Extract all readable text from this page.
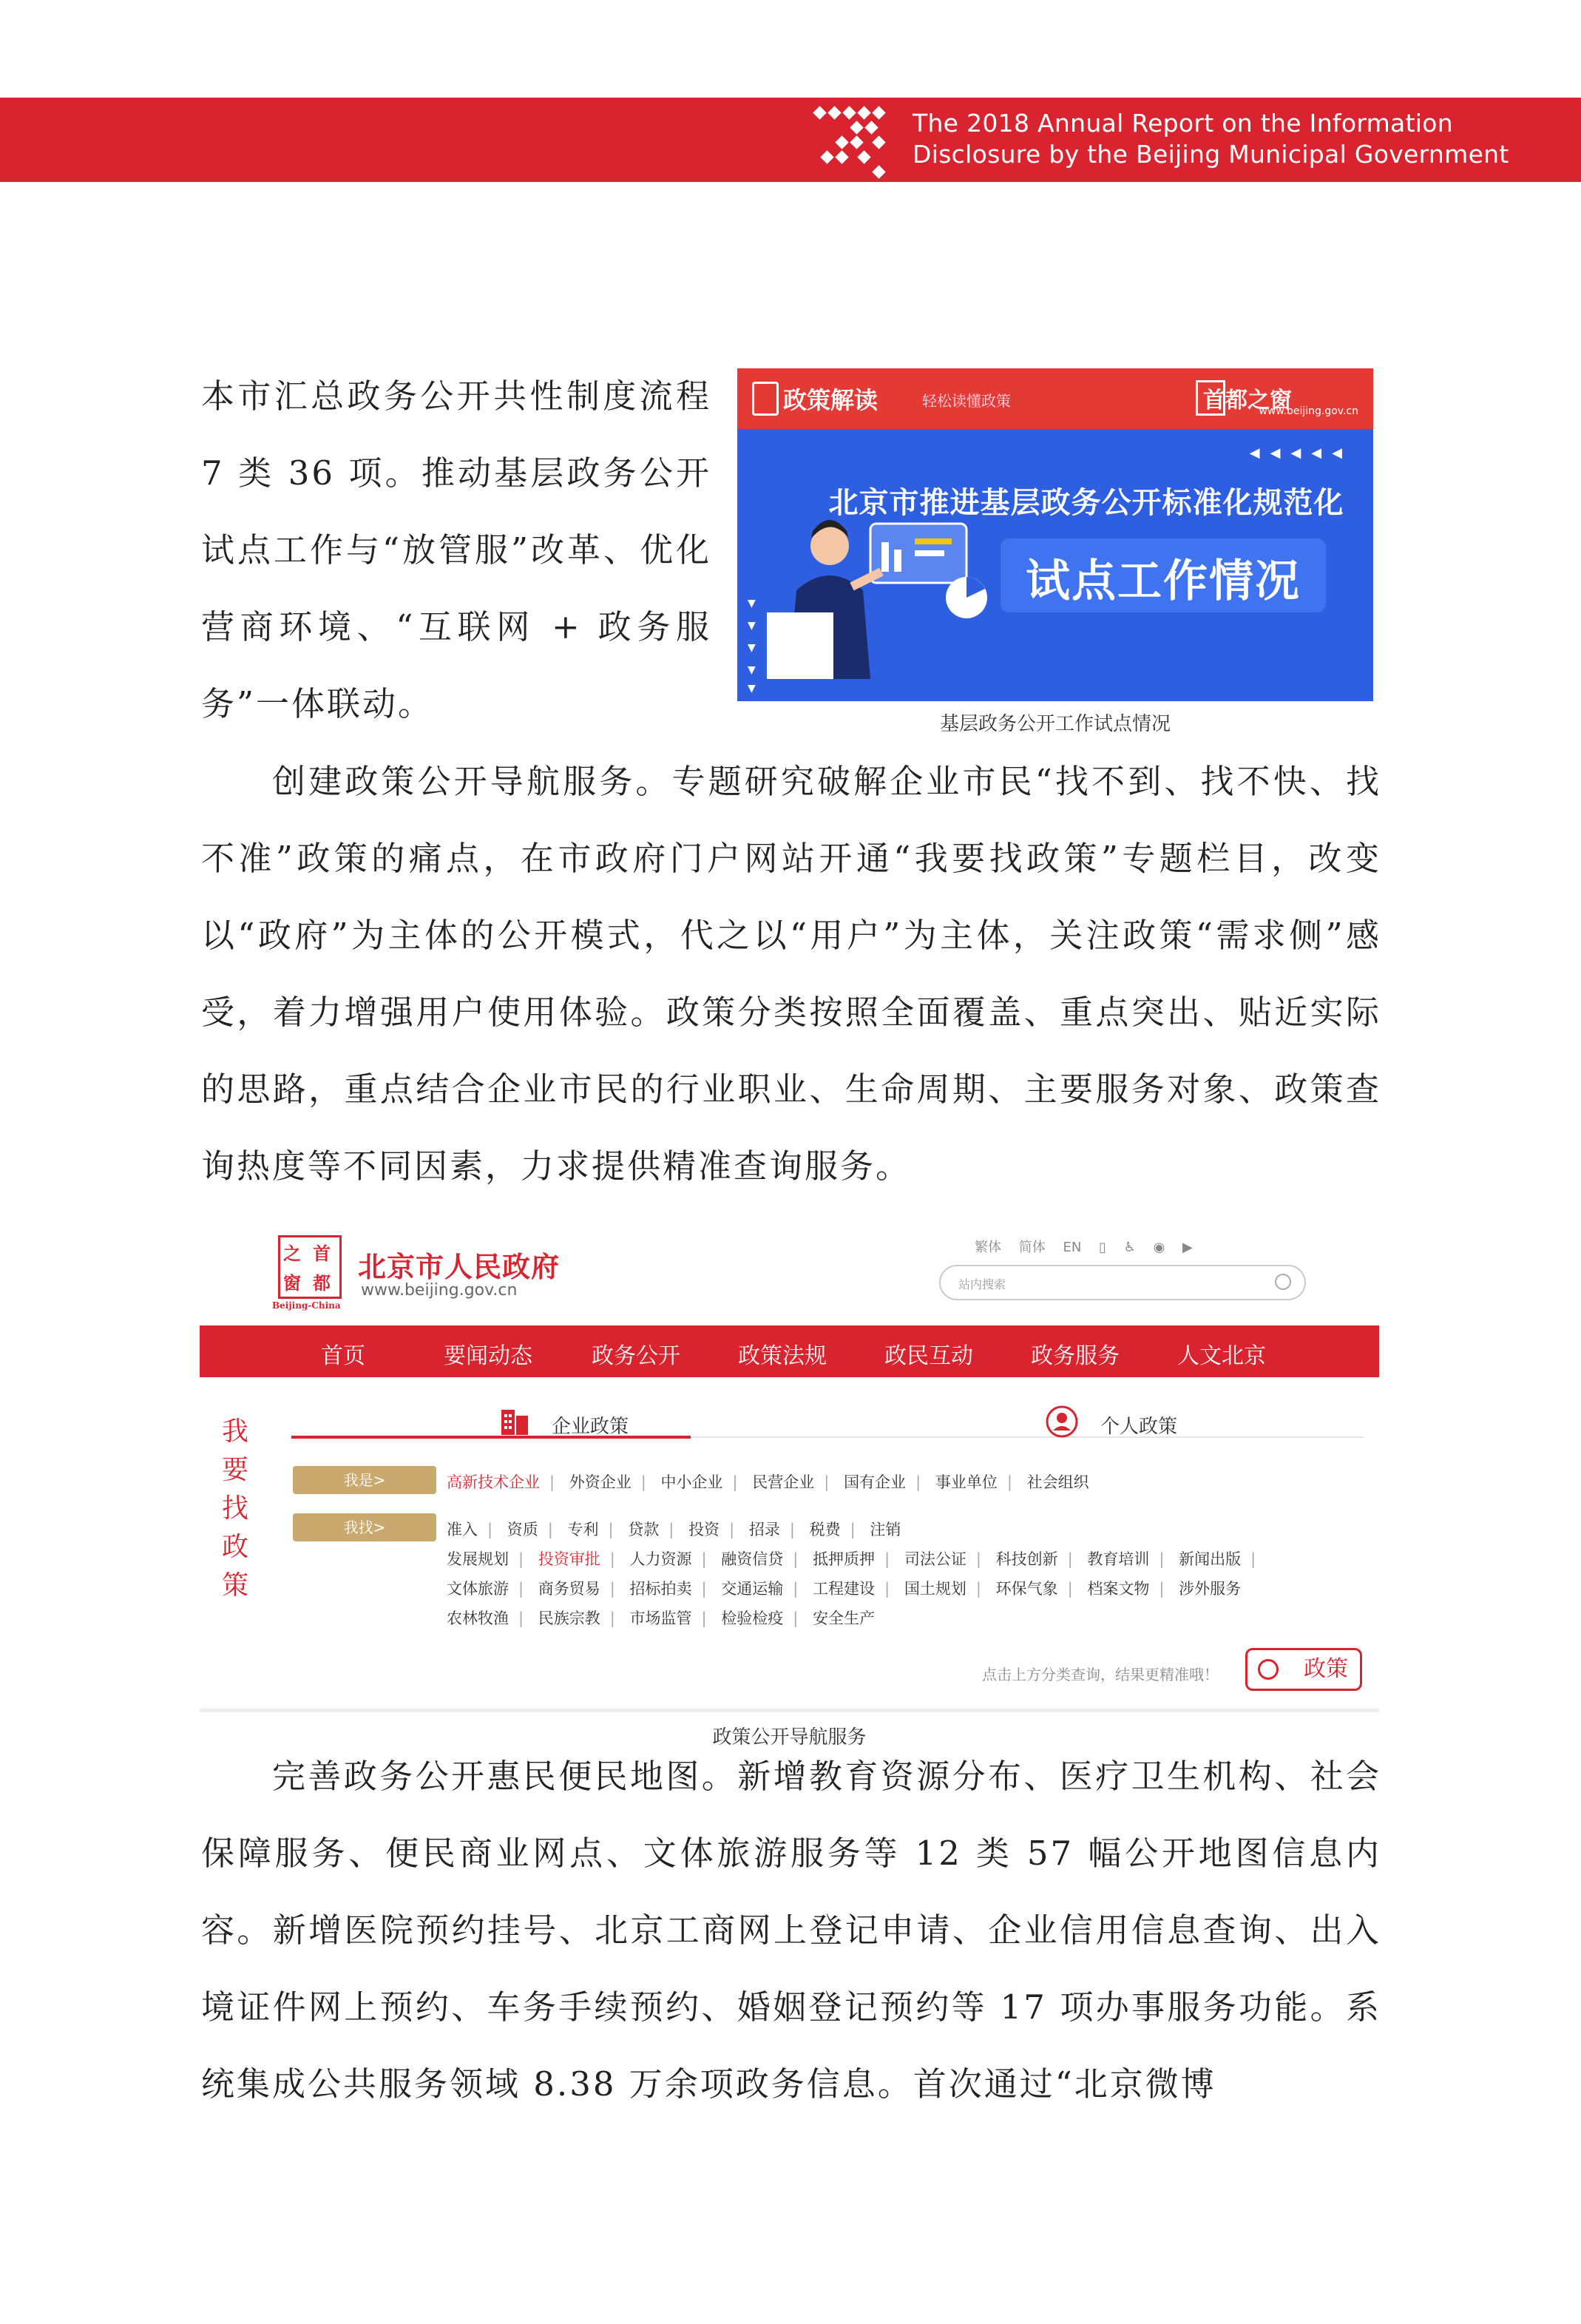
The 2018 Annual Report on the Information
Disclosure by the Beijing Municipal Government
本市汇总政务公开共性制度流程 7 类 36 项。推动基层政务公开试点工作与“放管服”改革、优化营商环境、“互联网 + 政务服务”一体联动。
政策解读	轻松读懂政策	首都之窗
www.beijing.gov.cn
◀◀◀◀◀
北京市推进基层政务公开标准化规范化
试点工作情况
▼
▼
▼
▼
▼
基层政务公开工作试点情况
创建政策公开导航服务。专题研究破解企业市民“找不到、找不快、找不准”政策的痛点，在市政府门户网站开通“我要找政策”专题栏目，改变以“政府”为主体的公开模式，代之以“用户”为主体，关注政策“需求侧”感受，着力增强用户使用体验。政策分类按照全面覆盖、重点突出、贴近实际的思路，重点结合企业市民的行业职业、生命周期、主要服务对象、政策查询热度等不同因素，力求提供精准查询服务。
之 首
窗 都
Beijing-China
北京市人民政府
www.beijing.gov.cn
繁体 简体 EN ▯ ♿ ◉ ▶
站内搜索
首页	要闻动态	政务公开	政策法规	政民互动	政务服务	人文北京
我
要
找
政
策
企业政策	个人政策
我是>	高新技术企业 | 外资企业 | 中小企业 | 民营企业 | 国有企业 | 事业单位 | 社会组织
我找>	准入 | 资质 | 专利 | 贷款 | 投资 | 招录 | 税费 | 注销
发展规划 | 投资审批 | 人力资源 | 融资信贷 | 抵押质押 | 司法公证 | 科技创新 | 教育培训 | 新闻出版 |
文体旅游 | 商务贸易 | 招标拍卖 | 交通运输 | 工程建设 | 国土规划 | 环保气象 | 档案文物 | 涉外服务
农林牧渔 | 民族宗教 | 市场监管 | 检验检疫 | 安全生产
点击上方分类查询，结果更精准哦！	政策
政策公开导航服务
完善政务公开惠民便民地图。新增教育资源分布、医疗卫生机构、社会保障服务、便民商业网点、文体旅游服务等 12 类 57 幅公开地图信息内容。新增医院预约挂号、北京工商网上登记申请、企业信用信息查询、出入境证件网上预约、车务手续预约、婚姻登记预约等 17 项办事服务功能。系统集成公共服务领域 8.38 万余项政务信息。首次通过“北京微博
